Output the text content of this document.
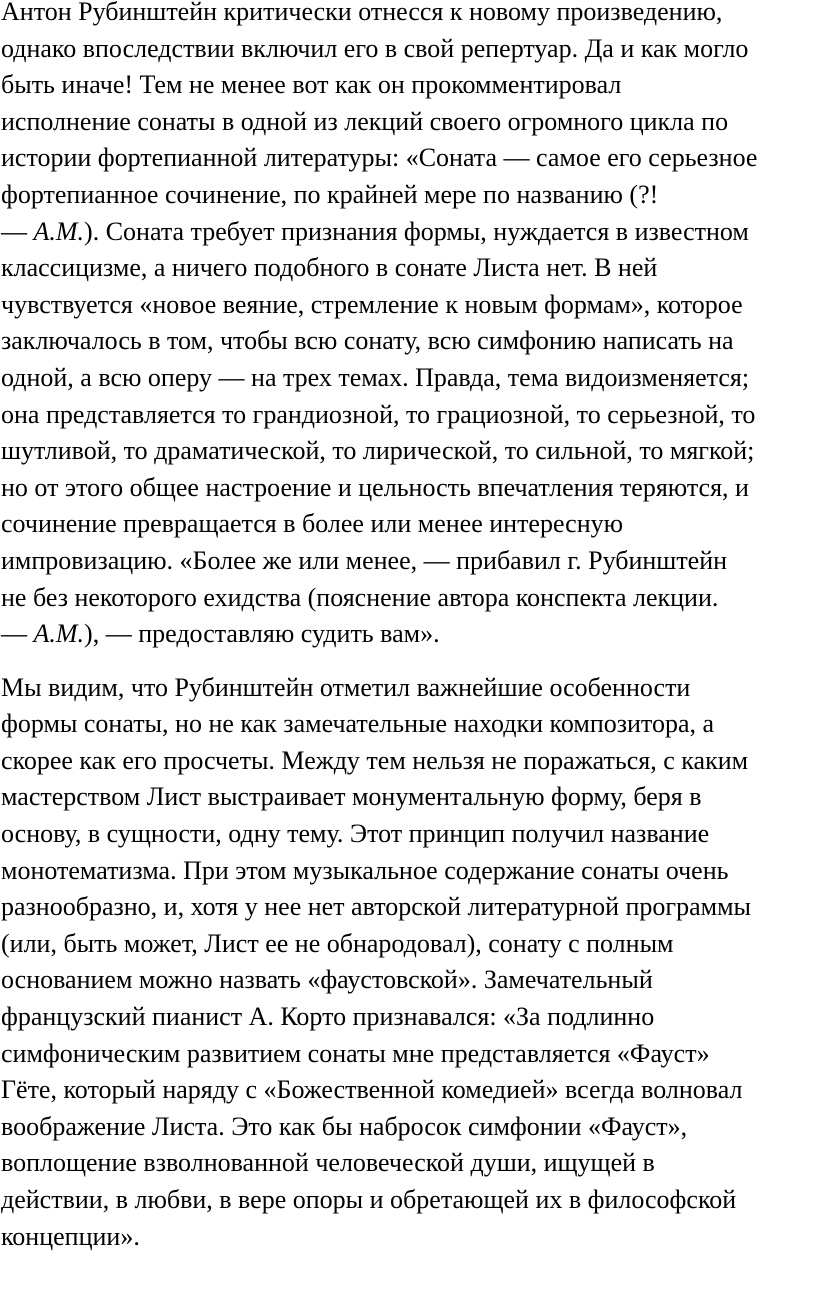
Антон Рубинштейн критически отнесся к новому произведению,
однако впоследствии включил его в свой репертуар. Да и как могло
быть иначе! Тем не менее вот как он прокомментировал
исполнение сонаты в одной из лекций своего огромного цикла по
истории фортепианной литературы: «Соната — самое его серьезное
фортепианное сочинение, по крайней мере по названию (?!
— А.М.). Соната требует признания формы, нуждается в известном
классицизме, а ничего подобного в сонате Листа нет. В ней
чувствуется «новое веяние, стремление к новым формам», которое
заключалось в том, чтобы всю сонату, всю симфонию написать на
одной, а всю оперу — на трех темах. Правда, тема видоизменяется;
она представляется то грандиозной, то грациозной, то серьезной, то
шутливой, то драматической, то лирической, то сильной, то мягкой;
но от этого общее настроение и цельность впечатления теряются, и
сочинение превращается в более или менее интересную
импровизацию. «Более же или менее, — прибавил г. Рубинштейн
не без некоторого ехидства (пояснение автора конспекта лекции.
— А.М.), — предоставляю судить вам».
Мы видим, что Рубинштейн отметил важнейшие особенности
формы сонаты, но не как замечательные находки композитора, а
скорее как его просчеты. Между тем нельзя не поражаться, с каким
мастерством Лист выстраивает монументальную форму, беря в
основу, в сущности, одну тему. Этот принцип получил название
монотематизма. При этом музыкальное содержание сонаты очень
разнообразно, и, хотя у нее нет авторской литературной программы
(или, быть может, Лист ее не обнародовал), сонату с полным
основанием можно назвать «фаустовской». Замечательный
французский пианист А. Корто признавался: «За подлинно
симфоническим развитием сонаты мне представляется «Фауст»
Гёте, который наряду с «Божественной комедией» всегда волновал
воображение Листа. Это как бы набросок симфонии «Фауст»,
воплощение взволнованной человеческой души, ищущей в
действии, в любви, в вере опоры и обретающей их в философской
концепции».
